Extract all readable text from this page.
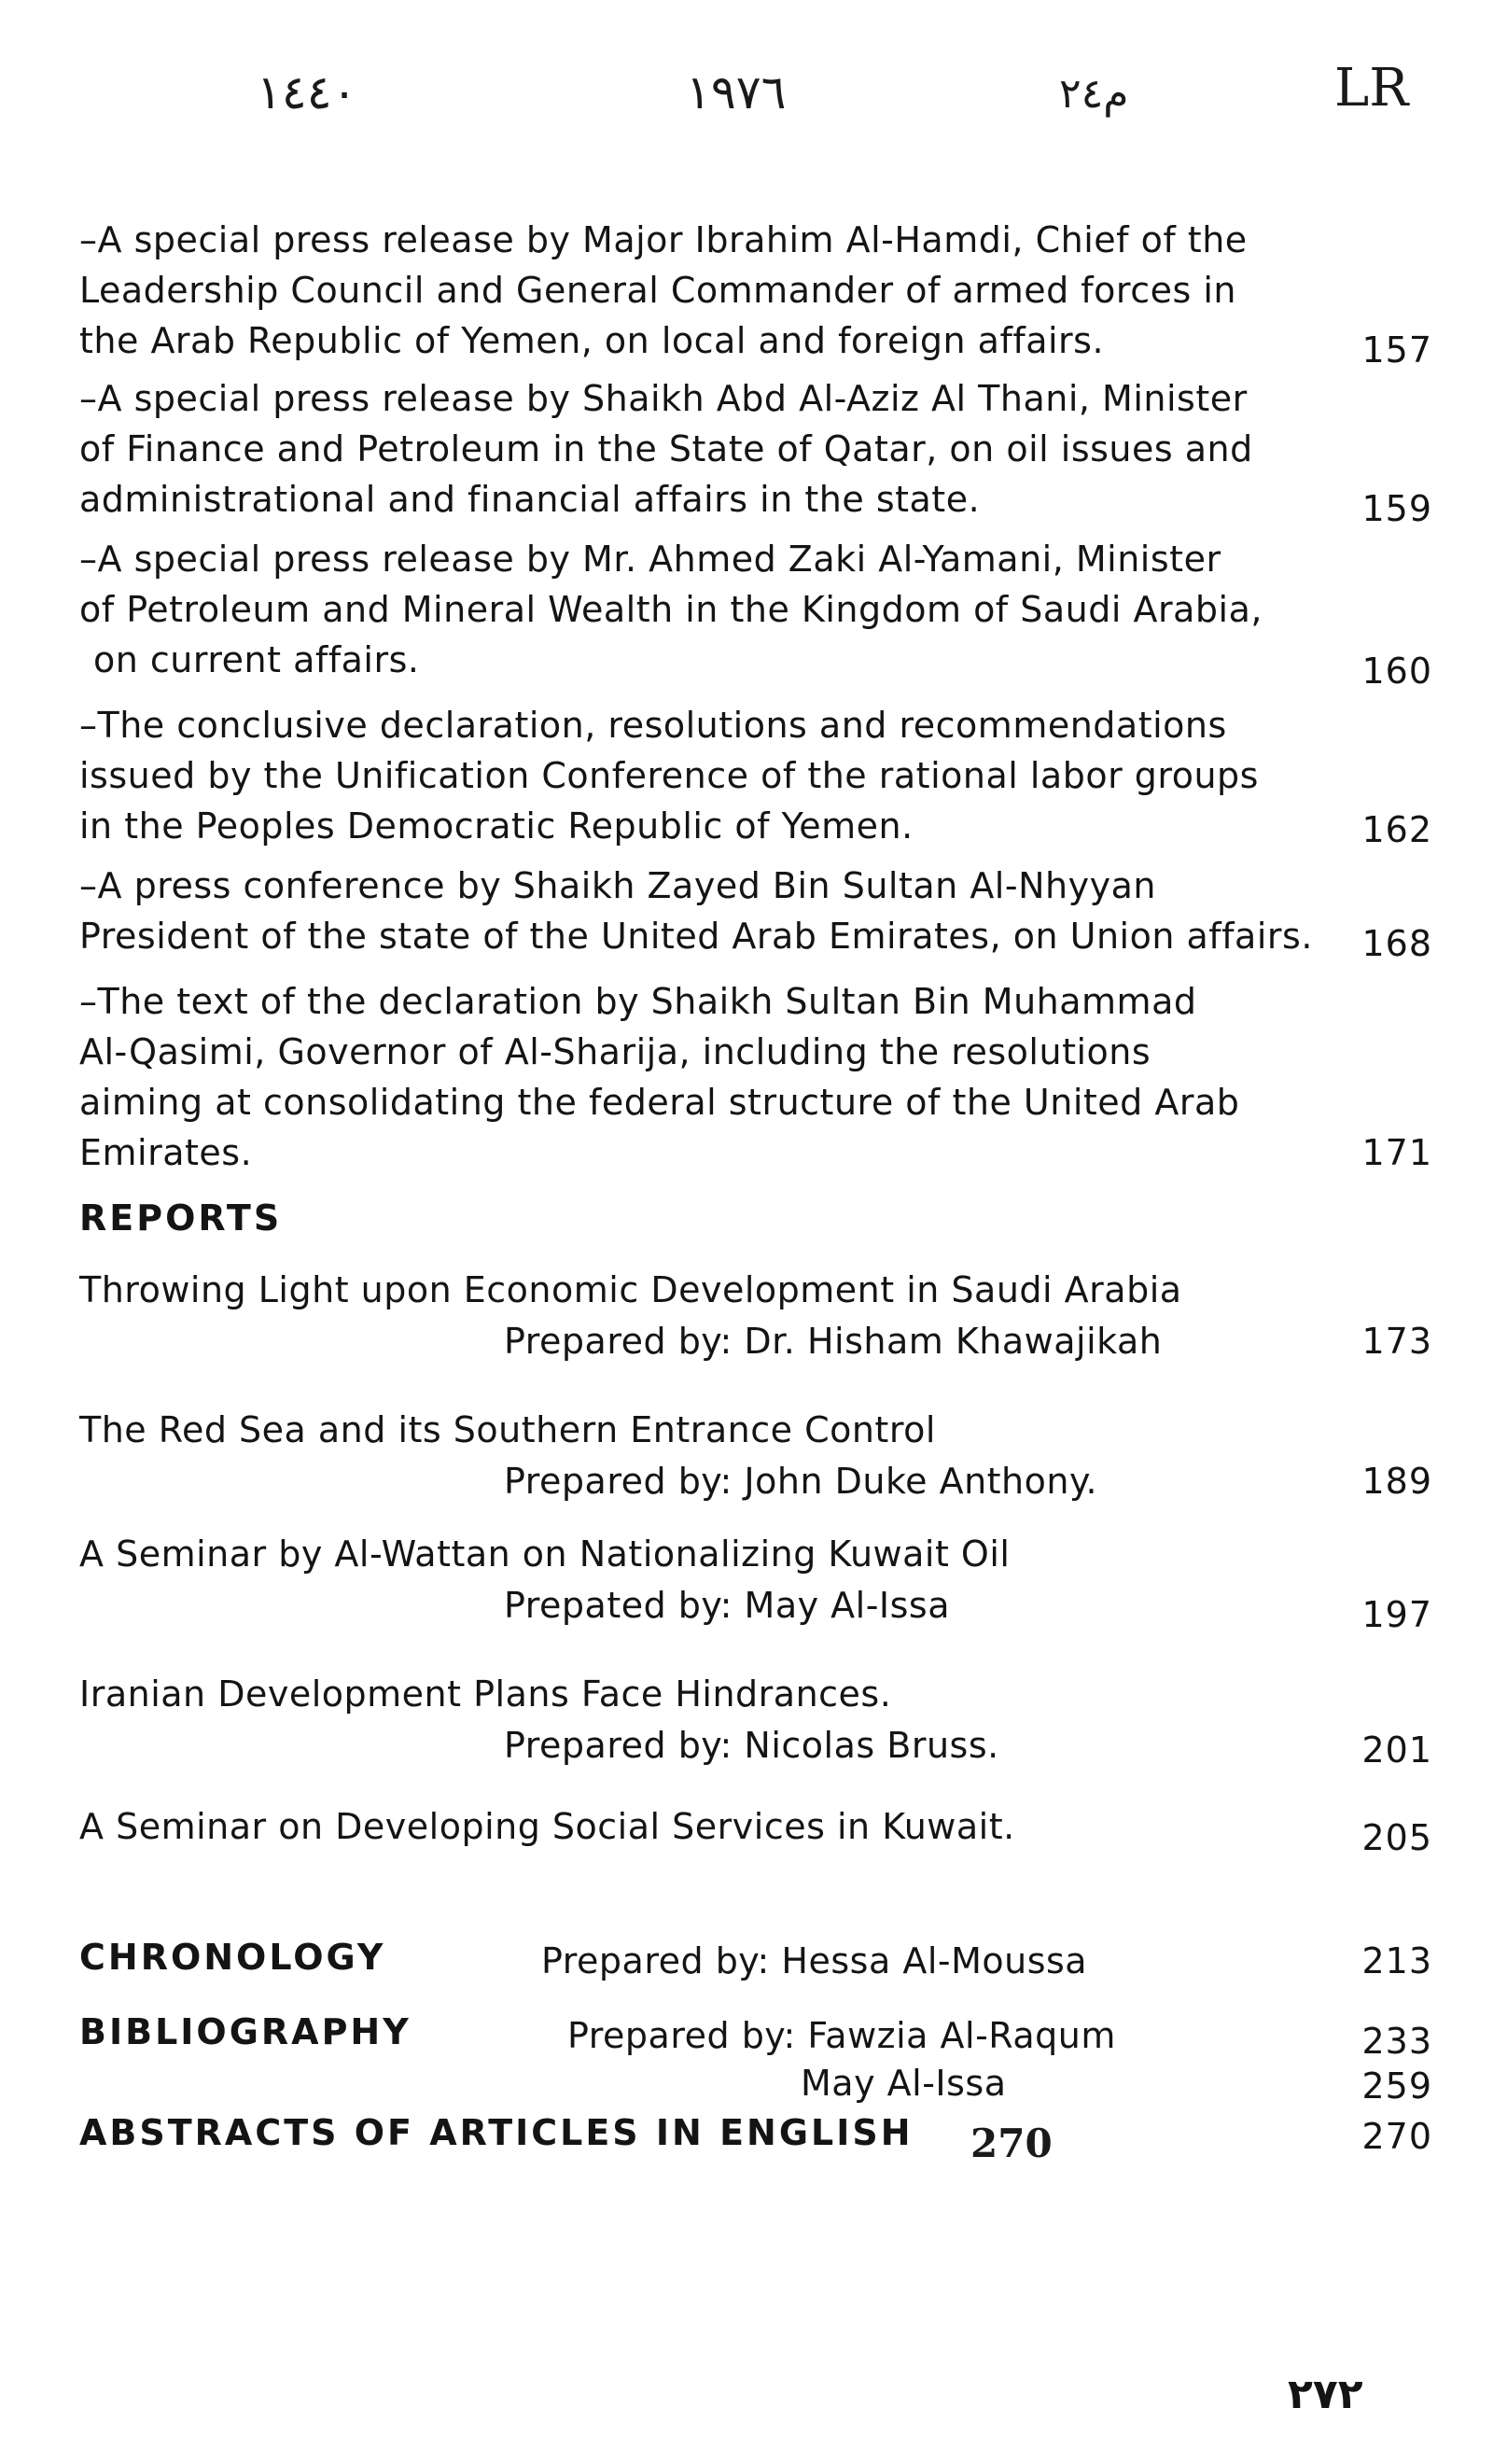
١٤٤٠	١٩٧٦	م٢٤	LR
–A special press release by Major Ibrahim Al-Hamdi, Chief of the
Leadership Council and General Commander of armed forces in
the Arab Republic of Yemen, on local and foreign affairs.	157
–A special press release by Shaikh Abd Al-Aziz Al Thani, Minister
of Finance and Petroleum in the State of Qatar, on oil issues and
administrational and financial affairs in the state.	159
–A special press release by Mr. Ahmed Zaki Al-Yamani, Minister
of Petroleum and Mineral Wealth in the Kingdom of Saudi Arabia,
on current affairs.	160
–The conclusive declaration, resolutions and recommendations
issued by the Unification Conference of the rational labor groups
in the Peoples Democratic Republic of Yemen.	162
–A press conference by Shaikh Zayed Bin Sultan Al-Nhyyan
President of the state of the United Arab Emirates, on Union affairs.	168
–The text of the declaration by Shaikh Sultan Bin Muhammad
Al-Qasimi, Governor of Al-Sharija, including the resolutions
aiming at consolidating the federal structure of the United Arab
Emirates.	171
REPORTS
Throwing Light upon Economic Development in Saudi Arabia
Prepared by: Dr. Hisham Khawajikah	173
The Red Sea and its Southern Entrance Control
Prepared by: John Duke Anthony.	189
A Seminar by Al-Wattan on Nationalizing Kuwait Oil
Prepated by: May Al-Issa	197
Iranian Development Plans Face Hindrances.
Prepared by: Nicolas Bruss.	201
A Seminar on Developing Social Services in Kuwait.	205
CHRONOLOGY	Prepared by: Hessa Al-Moussa	213
BIBLIOGRAPHY	Prepared by: Fawzia Al-Raqum	233
May Al-Issa	259
ABSTRACTS OF ARTICLES IN ENGLISH 270	270
٢٧٢
